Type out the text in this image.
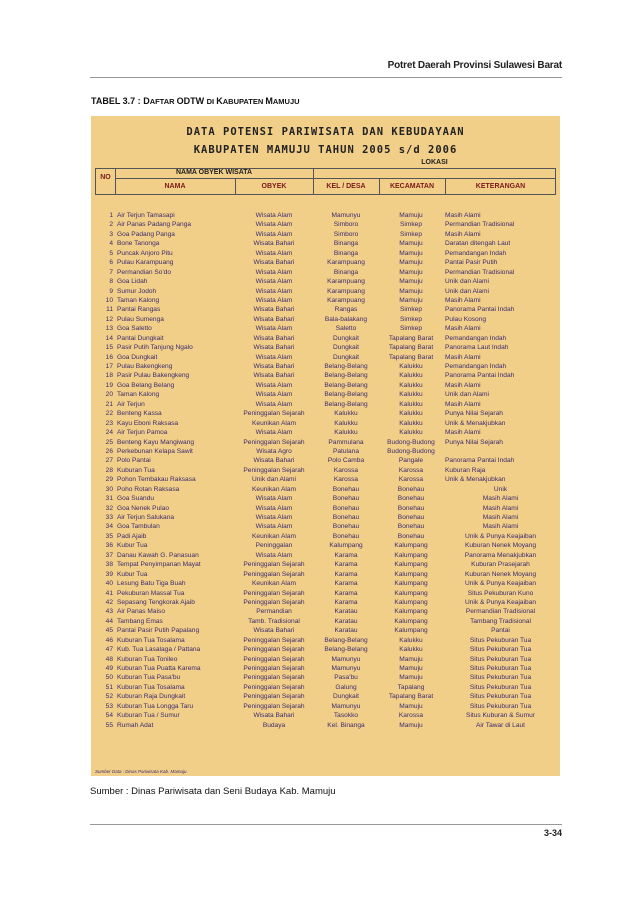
Potret Daerah Provinsi Sulawesi Barat
TABEL 3.7 : DAFTAR ODTW DI KABUPATEN MAMUJU
DATA POTENSI PARIWISATA DAN KEBUDAYAAN
KABUPATEN MAMUJU TAHUN 2005 s/d 2006
NAMA OBYEK WISATA
LOKASI
NO
NAMA	OBYEK	KEL / DESA	KECAMATAN	KETERANGAN
1 Air Terjun Tamasapi	Wisata Alam	Mamunyu	Mamuju	Masih Alami
2 Air Panas Padang Panga	Wisata Alam	Simboro	Simkep	Permandian Tradisional
3 Goa Padang Panga	Wisata Alam	Simboro	Simkep	Masih Alami
4 Bone Tanonga	Wisata Bahari	Binanga	Mamuju	Daratan ditengah Laut
5 Puncak Anjoro Pitu	Wisata Alam	Binanga	Mamuju	Pemandangan Indah
6 Pulau Karampuang	Wisata Bahari	Karampuang	Mamuju	Pantai Pasir Putih
7 Permandian So'do	Wisata Alam	Binanga	Mamuju	Permandian Tradisional
8 Goa Lidah	Wisata Alam	Karampuang	Mamuju	Unik dan Alami
9 Sumur Jodoh	Wisata Alam	Karampuang	Mamuju	Unik dan Alami
10 Taman Kalong	Wisata Alam	Karampuang	Mamuju	Masih Alami
11 Pantai Rangas	Wisata Bahari	Rangas	Simkep	Panorama Pantai Indah
12 Pulau Sumenga	Wisata Bahari	Bala-balakang	Simkep	Pulau Kosong
13 Goa Saletto	Wisata Alam	Saletto	Simkep	Masih Alami
14 Pantai Dungkait	Wisata Bahari	Dungkait	Tapalang Barat	Pemandangan Indah
15 Pasir Putih Tanjung Ngalo	Wisata Bahari	Dungkait	Tapalang Barat	Panorama Laut Indah
16 Goa Dungkait	Wisata Alam	Dungkait	Tapalang Barat	Masih Alami
17 Pulau Bakengkeng	Wisata Bahari	Belang-Belang	Kalukku	Pemandangan Indah
18 Pasir Pulau Bakengkeng	Wisata Bahari	Belang-Belang	Kalukku	Panorama Pantai Indah
19 Goa Belang Belang	Wisata Alam	Belang-Belang	Kalukku	Masih Alami
20 Taman Kalong	Wisata Alam	Belang-Belang	Kalukku	Unik dan Alami
21 Air Terjun	Wisata Alam	Belang-Belang	Kalukku	Masih Alami
22 Benteng Kassa	Peninggalan Sejarah	Kalukku	Kalukku	Punya Nilai Sejarah
23 Kayu Eboni Raksasa	Keunikan Alam	Kalukku	Kalukku	Unik & Menakjubkan
24 Air Terjun Pamoa	Wisata Alam	Kalukku	Kalukku	Masih Alami
25 Benteng Kayu Mangiwang	Peninggalan Sejarah	Pammulana	Budong-Budong	Punya Nilai Sejarah
26 Perkebunan Kelapa Sawit	Wisata Agro	Patulana	Budong-Budong
27 Polo Pantai	Wisata Bahari	Polo Camba	Pangale	Panorama Pantai Indah
28 Kuburan Tua	Peninggalan Sejarah	Karossa	Karossa	Kuburan Raja
29 Pohon Tembakau Raksasa	Unik dan Alami	Karossa	Karossa	Unik & Menakjubkan
30 Poho Rotan Raksasa	Keunikan Alam	Bonehau	Bonehau	Unik
31 Goa Suandu	Wisata Alam	Bonehau	Bonehau	Masih Alami
32 Goa Nenek Pulao	Wisata Alam	Bonehau	Bonehau	Masih Alami
33 Air Terjun Salukana	Wisata Alam	Bonehau	Bonehau	Masih Alami
34 Goa Tambulan	Wisata Alam	Bonehau	Bonehau	Masih Alami
35 Padi Ajaib	Keunikan Alam	Bonehau	Bonehau	Unik & Punya Keajaiban
36 Kubur Tua	Peninggalan	Kalumpang	Kalumpang	Kuburan Nenek Moyang
37 Danau Kawah G. Panasuan	Wisata Alam	Karama	Kalumpang	Panorama Menakjubkan
38 Tempat Penyimpanan Mayat	Peninggalan Sejarah	Karama	Kalumpang	Kuburan Prasejarah
39 Kubur Tua	Peninggalan Sejarah	Karama	Kalumpang	Kuburan Nenek Moyang
40 Lesung Batu Tiga Buah	Keunikan Alam	Karama	Kalumpang	Unik & Punya Keajaiban
41 Pekuburan Massal Tua	Peninggalan Sejarah	Karama	Kalumpang	Situs Pekuburan Kuno
42 Sepasang Tengkorak Ajaib	Peninggalan Sejarah	Karama	Kalumpang	Unik & Punya Keajaiban
43 Air Panas Maiso	Permandian	Karatau	Kalumpang	Permandian Tradisional
44 Tambang Emas	Tamb. Tradisional	Karatau	Kalumpang	Tambang Tradisional
45 Pantai Pasir Putih Papalang	Wisata Bahari	Karatau	Kalumpang	Pantai
46 Kuburan Tua Tosalama	Peninggalan Sejarah	Belang-Belang	Kalukku	Situs Pekuburan Tua
47 Kub. Tua Lasalaga / Pattana	Peninggalan Sejarah	Belang-Belang	Kalukku	Situs Pekuburan Tua
48 Kuburan Tua Tonileo	Peninggalan Sejarah	Mamunyu	Mamuju	Situs Pekuburan Tua
49 Kuburan Tua Puatta Karema	Peninggalan Sejarah	Mamunyu	Mamuju	Situs Pekuburan Tua
50 Kuburan Tua Pasa'bu	Peninggalan Sejarah	Pasa'bu	Mamuju	Situs Pekuburan Tua
51 Kuburan Tua Tosalama	Peninggalan Sejarah	Galung	Tapalang	Situs Pekuburan Tua
52 Kuburan Raja Dungkait	Peninggalan Sejarah	Dungkait	Tapalang Barat	Situs Pekuburan Tua
53 Kuburan Tua Longga Taru	Peninggalan Sejarah	Mamunyu	Mamuju	Situs Pekuburan Tua
54 Kuburan Tua / Sumur	Wisata Bahari	Tasokko	Karossa	Situs Kuburan & Sumur
55 Rumah Adat	Budaya	Kel. Binanga	Mamuju	Air Tawar di Laut
Sumber Data : Dinas Pariwisata Kab. Mamuju
Sumber : Dinas Pariwisata dan Seni Budaya Kab. Mamuju
3-34
